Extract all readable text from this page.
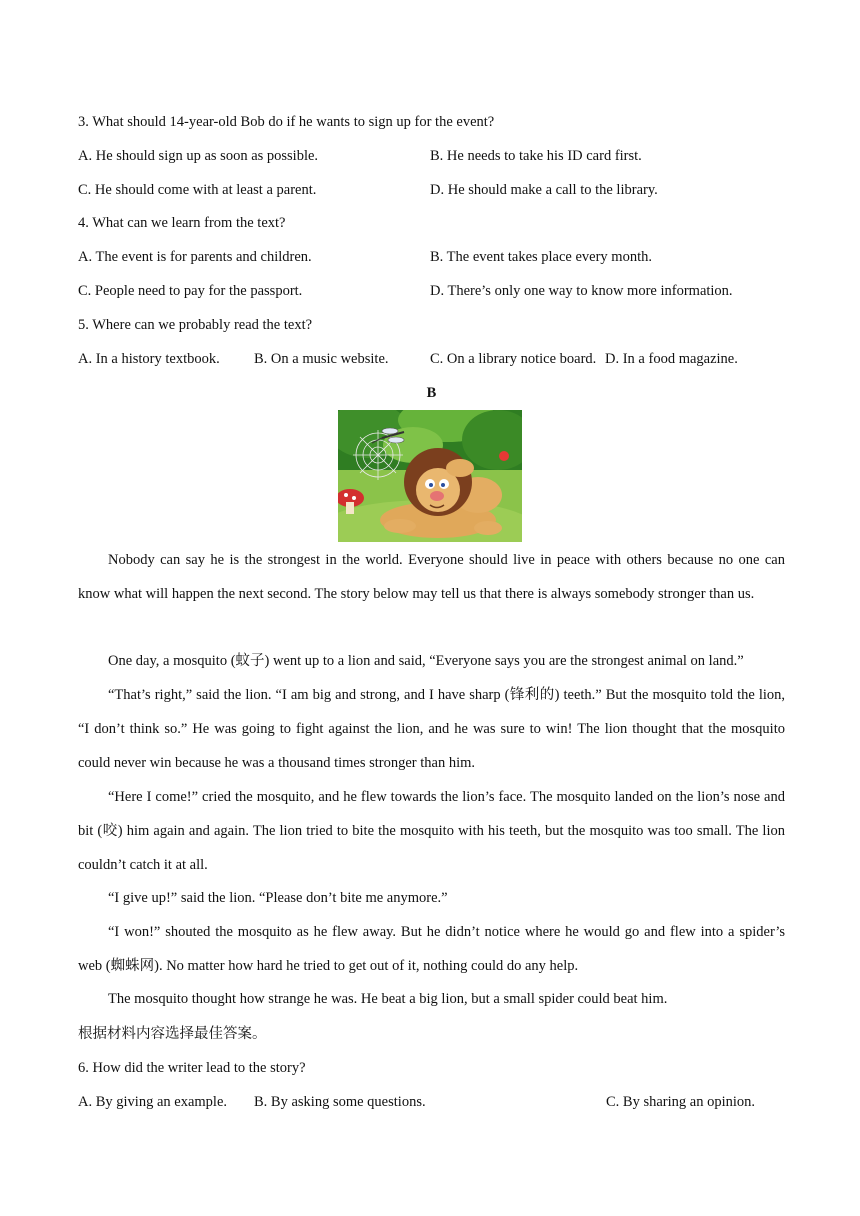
3. What should 14-year-old Bob do if he wants to sign up for the event?
A. He should sign up as soon as possible.	B. He needs to take his ID card first.
C. He should come with at least a parent.	D. He should make a call to the library.
4. What can we learn from the text?
A. The event is for parents and children.	B. The event takes place every month.
C. People need to pay for the passport.	D. There’s only one way to know more information.
5. Where can we probably read the text?
A. In a history textbook. B. On a music website.	C. On a library notice board. D. In a food magazine.
B

Nobody can say he is the strongest in the world. Everyone should live in peace with others because no one can know what will happen the next second. The story below may tell us that there is always somebody stronger than us.

One day, a mosquito (蚊子) went up to a lion and said, “Everyone says you are the strongest animal on land.”

“That’s right,” said the lion. “I am big and strong, and I have sharp (锋利的) teeth.” But the mosquito told the lion, “I don’t think so.” He was going to fight against the lion, and he was sure to win! The lion thought that the mosquito could never win because he was a thousand times stronger than him.

“Here I come!” cried the mosquito, and he flew towards the lion’s face. The mosquito landed on the lion’s nose and bit (咬) him again and again. The lion tried to bite the mosquito with his teeth, but the mosquito was too small. The lion couldn’t catch it at all.

“I give up!” said the lion. “Please don’t bite me anymore.”

“I won!” shouted the mosquito as he flew away. But he didn’t notice where he would go and flew into a spider’s web (蜘蛛网). No matter how hard he tried to get out of it, nothing could do any help.

The mosquito thought how strange he was. He beat a big lion, but a small spider could beat him.

根据材料内容选择最佳答案。
6. How did the writer lead to the story?
A. By giving an example. B. By asking some questions.	C. By sharing an opinion.
